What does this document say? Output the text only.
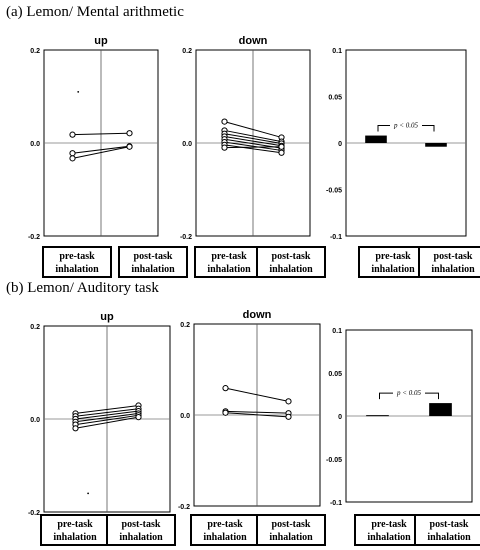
(a) Lemon/ Mental arithmetic
(b) Lemon/ Auditory task
pre-task
inhalation
post-task
inhalation
pre-task
inhalation
post-task
inhalation
pre-task
inhalation
post-task
inhalation
pre-task
inhalation
post-task
inhalation
pre-task
inhalation
post-task
inhalation
pre-task
inhalation
post-task
inhalation
0.2
0.0
-0.2
up
0.2
0.0
-0.2
down
0.1
0.05
0
-0.05
-0.1
p < 0.05
0.2
0.0
-0.2
up
0.2
0.0
-0.2
down
0.1
0.05
0
-0.05
-0.1
p < 0.05
